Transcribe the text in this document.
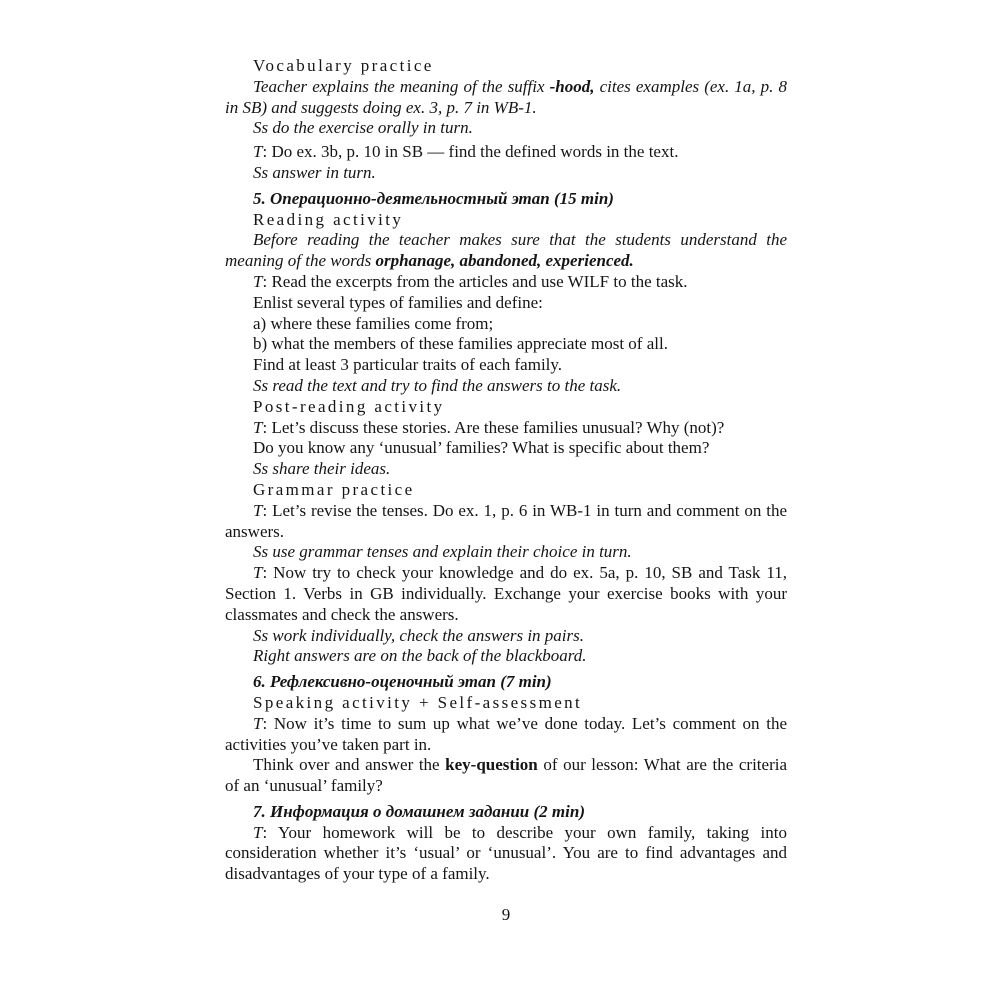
Vocabulary practice

Teacher explains the meaning of the suffix -hood, cites examples (ex. 1a, p. 8 in SB) and suggests doing ex. 3, p. 7 in WB-1.

Ss do the exercise orally in turn.

T: Do ex. 3b, p. 10 in SB — find the defined words in the text.

Ss answer in turn.

5. Операционно-деятельностный этап (15 min)

Reading activity

Before reading the teacher makes sure that the students understand the meaning of the words orphanage, abandoned, experienced.

T: Read the excerpts from the articles and use WILF to the task.

Enlist several types of families and define:

a) where these families come from;

b) what the members of these families appreciate most of all.

Find at least 3 particular traits of each family.

Ss read the text and try to find the answers to the task.

Post-reading activity

T: Let’s discuss these stories. Are these families unusual? Why (not)?

Do you know any ‘unusual’ families? What is specific about them?

Ss share their ideas.

Grammar practice

T: Let’s revise the tenses. Do ex. 1, p. 6 in WB-1 in turn and comment on the answers.

Ss use grammar tenses and explain their choice in turn.

T: Now try to check your knowledge and do ex. 5a, p. 10, SB and Task 11, Section 1. Verbs in GB individually. Exchange your exercise books with your classmates and check the answers.

Ss work individually, check the answers in pairs.

Right answers are on the back of the blackboard.

6. Рефлексивно-оценочный этап (7 min)

Speaking activity + Self-assessment

T: Now it’s time to sum up what we’ve done today. Let’s comment on the activities you’ve taken part in.

Think over and answer the key-question of our lesson: What are the criteria of an ‘unusual’ family?

7. Информация о домашнем задании (2 min)

T: Your homework will be to describe your own family, taking into consideration whether it’s ‘usual’ or ‘unusual’. You are to find advantages and disadvantages of your type of a family.

9
